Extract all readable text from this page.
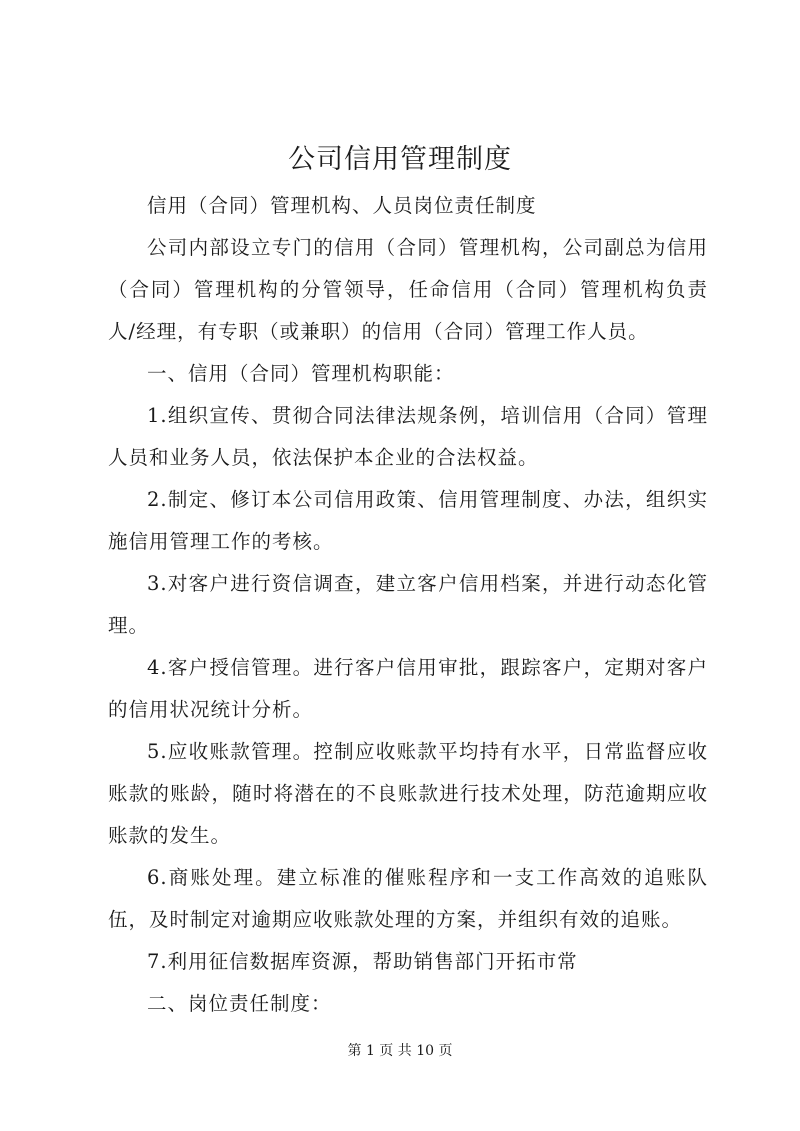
公司信用管理制度

信用（合同）管理机构、人员岗位责任制度

公司内部设立专门的信用（合同）管理机构，公司副总为信用（合同）管理机构的分管领导，任命信用（合同）管理机构负责人/经理，有专职（或兼职）的信用（合同）管理工作人员。

一、信用（合同）管理机构职能：

1.组织宣传、贯彻合同法律法规条例，培训信用（合同）管理人员和业务人员，依法保护本企业的合法权益。

2.制定、修订本公司信用政策、信用管理制度、办法，组织实施信用管理工作的考核。

3.对客户进行资信调查，建立客户信用档案，并进行动态化管理。

4.客户授信管理。进行客户信用审批，跟踪客户，定期对客户的信用状况统计分析。

5.应收账款管理。控制应收账款平均持有水平，日常监督应收账款的账龄，随时将潜在的不良账款进行技术处理，防范逾期应收账款的发生。

6.商账处理。建立标准的催账程序和一支工作高效的追账队伍，及时制定对逾期应收账款处理的方案，并组织有效的追账。

7.利用征信数据库资源，帮助销售部门开拓市常

二、岗位责任制度：

第 1 页 共 10 页
